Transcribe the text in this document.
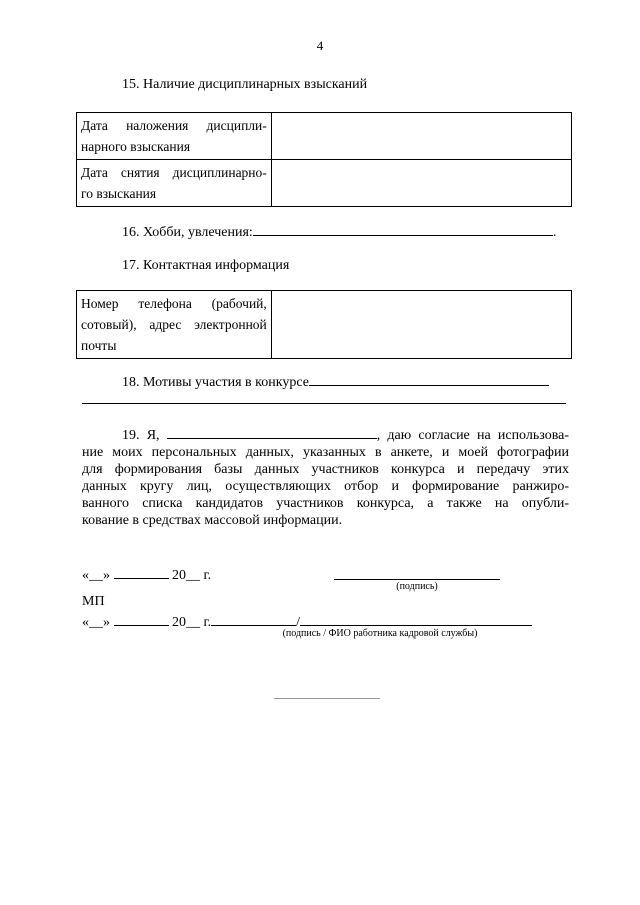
4
15. Наличие дисциплинарных взысканий
Дата наложения дисципли-
нарного взыскания	

Дата снятия дисциплинарно-
го взыскания	

16. Хобби, увлечения:	.
17. Контактная информация
Номер телефона (рабочий,
сотовый), адрес электронной
почты

18. Мотивы участия в конкурсе
19. Я,	, даю согласие на использова-
ние моих персональных данных, указанных в анкете, и моей фотографии
для формирования базы данных участников конкурса и передачу этих
данных кругу лиц, осуществляющих отбор и формирование ранжиро-
ванного списка кандидатов участников конкурса, а также на опубли-
кование в средствах массовой информации.
«__»	20__ г.
(подпись)
МП
«__»	20__ г.	/
(подпись / ФИО работника кадровой службы)
